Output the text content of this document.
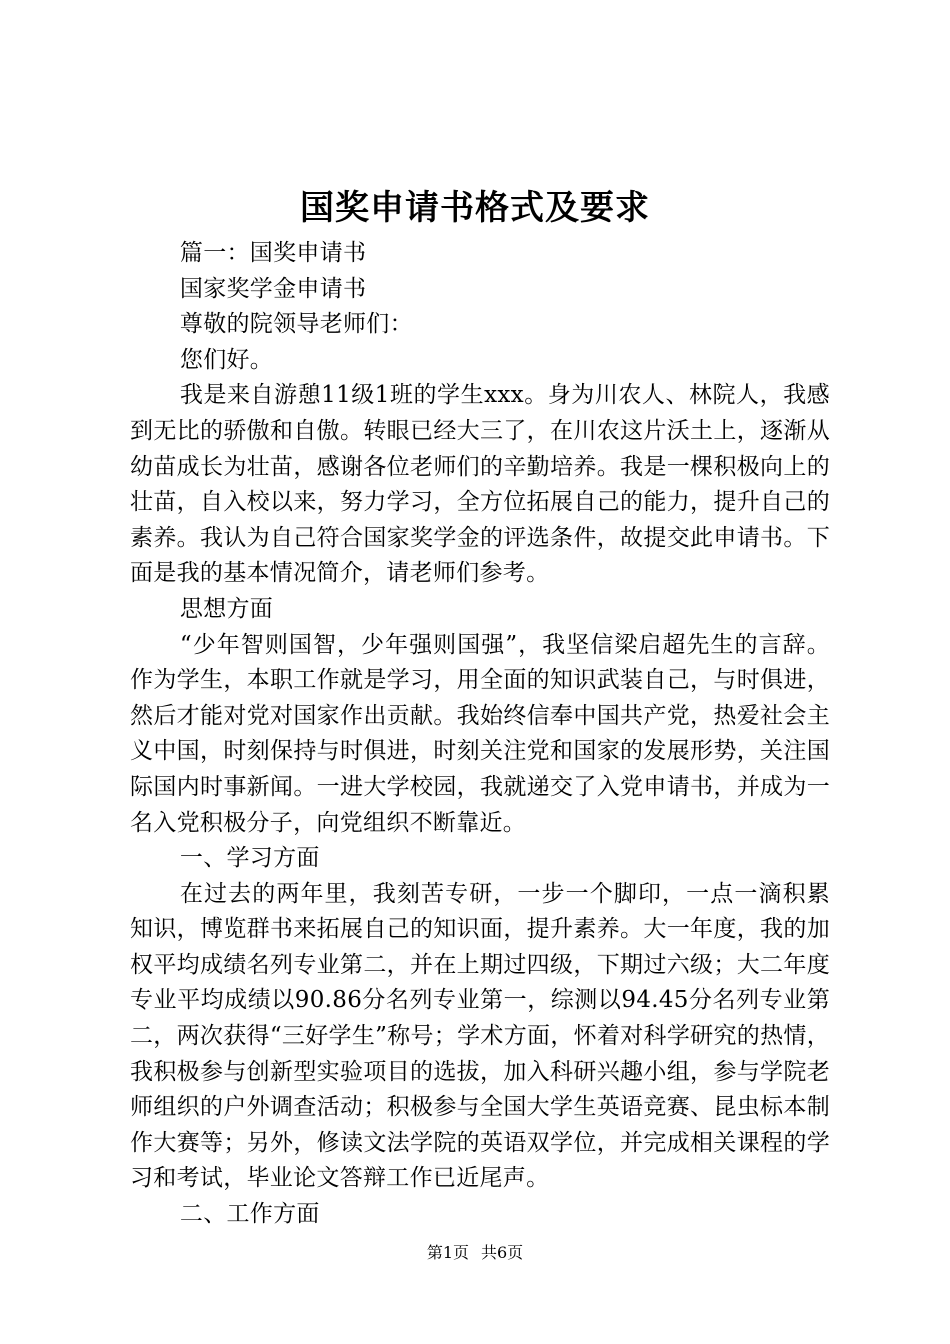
国奖申请书格式及要求

篇一：国奖申请书

国家奖学金申请书

尊敬的院领导老师们：

您们好。

我是来自游憩11级1班的学生xxx。身为川农人、林院人，我感到无比的骄傲和自傲。转眼已经大三了，在川农这片沃土上，逐渐从幼苗成长为壮苗，感谢各位老师们的辛勤培养。我是一棵积极向上的壮苗，自入校以来，努力学习，全方位拓展自己的能力，提升自己的素养。我认为自己符合国家奖学金的评选条件，故提交此申请书。下面是我的基本情况简介，请老师们参考。

思想方面

“少年智则国智，少年强则国强”，我坚信梁启超先生的言辞。作为学生，本职工作就是学习，用全面的知识武装自己，与时俱进，然后才能对党对国家作出贡献。我始终信奉中国共产党，热爱社会主义中国，时刻保持与时俱进，时刻关注党和国家的发展形势，关注国际国内时事新闻。一进大学校园，我就递交了入党申请书，并成为一名入党积极分子，向党组织不断靠近。

一、学习方面

在过去的两年里，我刻苦专研，一步一个脚印，一点一滴积累知识，博览群书来拓展自己的知识面，提升素养。大一年度，我的加权平均成绩名列专业第二，并在上期过四级，下期过六级；大二年度专业平均成绩以90.86分名列专业第一，综测以94.45分名列专业第二，两次获得“三好学生”称号；学术方面，怀着对科学研究的热情，我积极参与创新型实验项目的选拔，加入科研兴趣小组，参与学院老师组织的户外调查活动；积极参与全国大学生英语竞赛、昆虫标本制作大赛等；另外，修读文法学院的英语双学位，并完成相关课程的学习和考试，毕业论文答辩工作已近尾声。

二、工作方面

第1页 共6页
